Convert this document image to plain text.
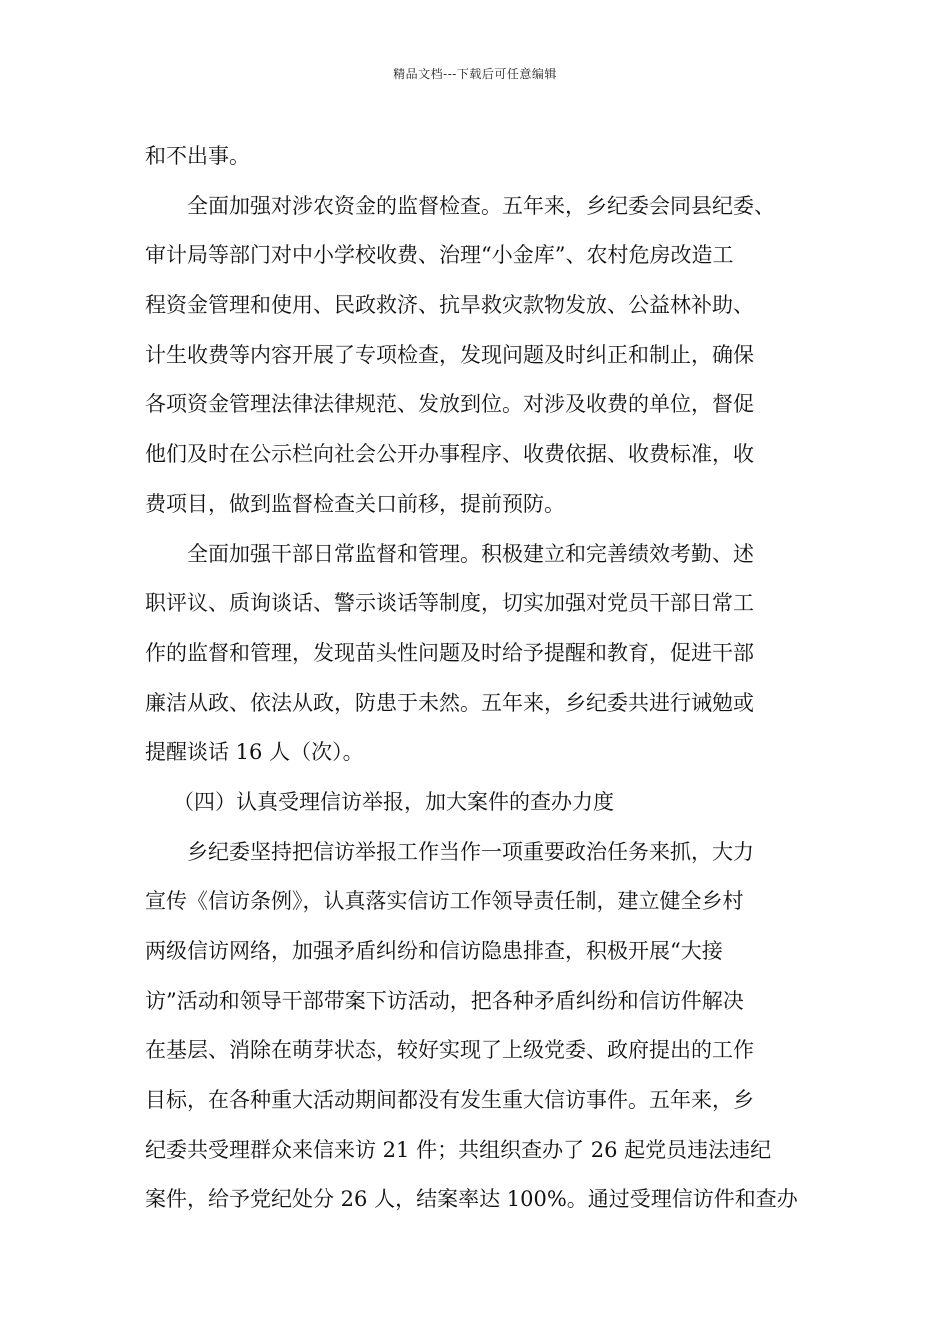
精品文档---下载后可任意编辑
和不出事。
全面加强对涉农资金的监督检查。五年来，乡纪委会同县纪委、
审计局等部门对中小学校收费、治理“小金库”、农村危房改造工
程资金管理和使用、民政救济、抗旱救灾款物发放、公益林补助、
计生收费等内容开展了专项检查，发现问题及时纠正和制止，确保
各项资金管理法律法律规范、发放到位。对涉及收费的单位，督促
他们及时在公示栏向社会公开办事程序、收费依据、收费标准，收
费项目，做到监督检查关口前移，提前预防。
全面加强干部日常监督和管理。积极建立和完善绩效考勤、述
职评议、质询谈话、警示谈话等制度，切实加强对党员干部日常工
作的监督和管理，发现苗头性问题及时给予提醒和教育，促进干部
廉洁从政、依法从政，防患于未然。五年来，乡纪委共进行诫勉或
提醒谈话 16 人（次）。
（四）认真受理信访举报，加大案件的查办力度
乡纪委坚持把信访举报工作当作一项重要政治任务来抓，大力
宣传《信访条例》，认真落实信访工作领导责任制，建立健全乡村
两级信访网络，加强矛盾纠纷和信访隐患排查，积极开展“大接
访”活动和领导干部带案下访活动，把各种矛盾纠纷和信访件解决
在基层、消除在萌芽状态，较好实现了上级党委、政府提出的工作
目标，在各种重大活动期间都没有发生重大信访事件。五年来，乡
纪委共受理群众来信来访 21 件；共组织查办了 26 起党员违法违纪
案件，给予党纪处分 26 人，结案率达 100%。通过受理信访件和查办
